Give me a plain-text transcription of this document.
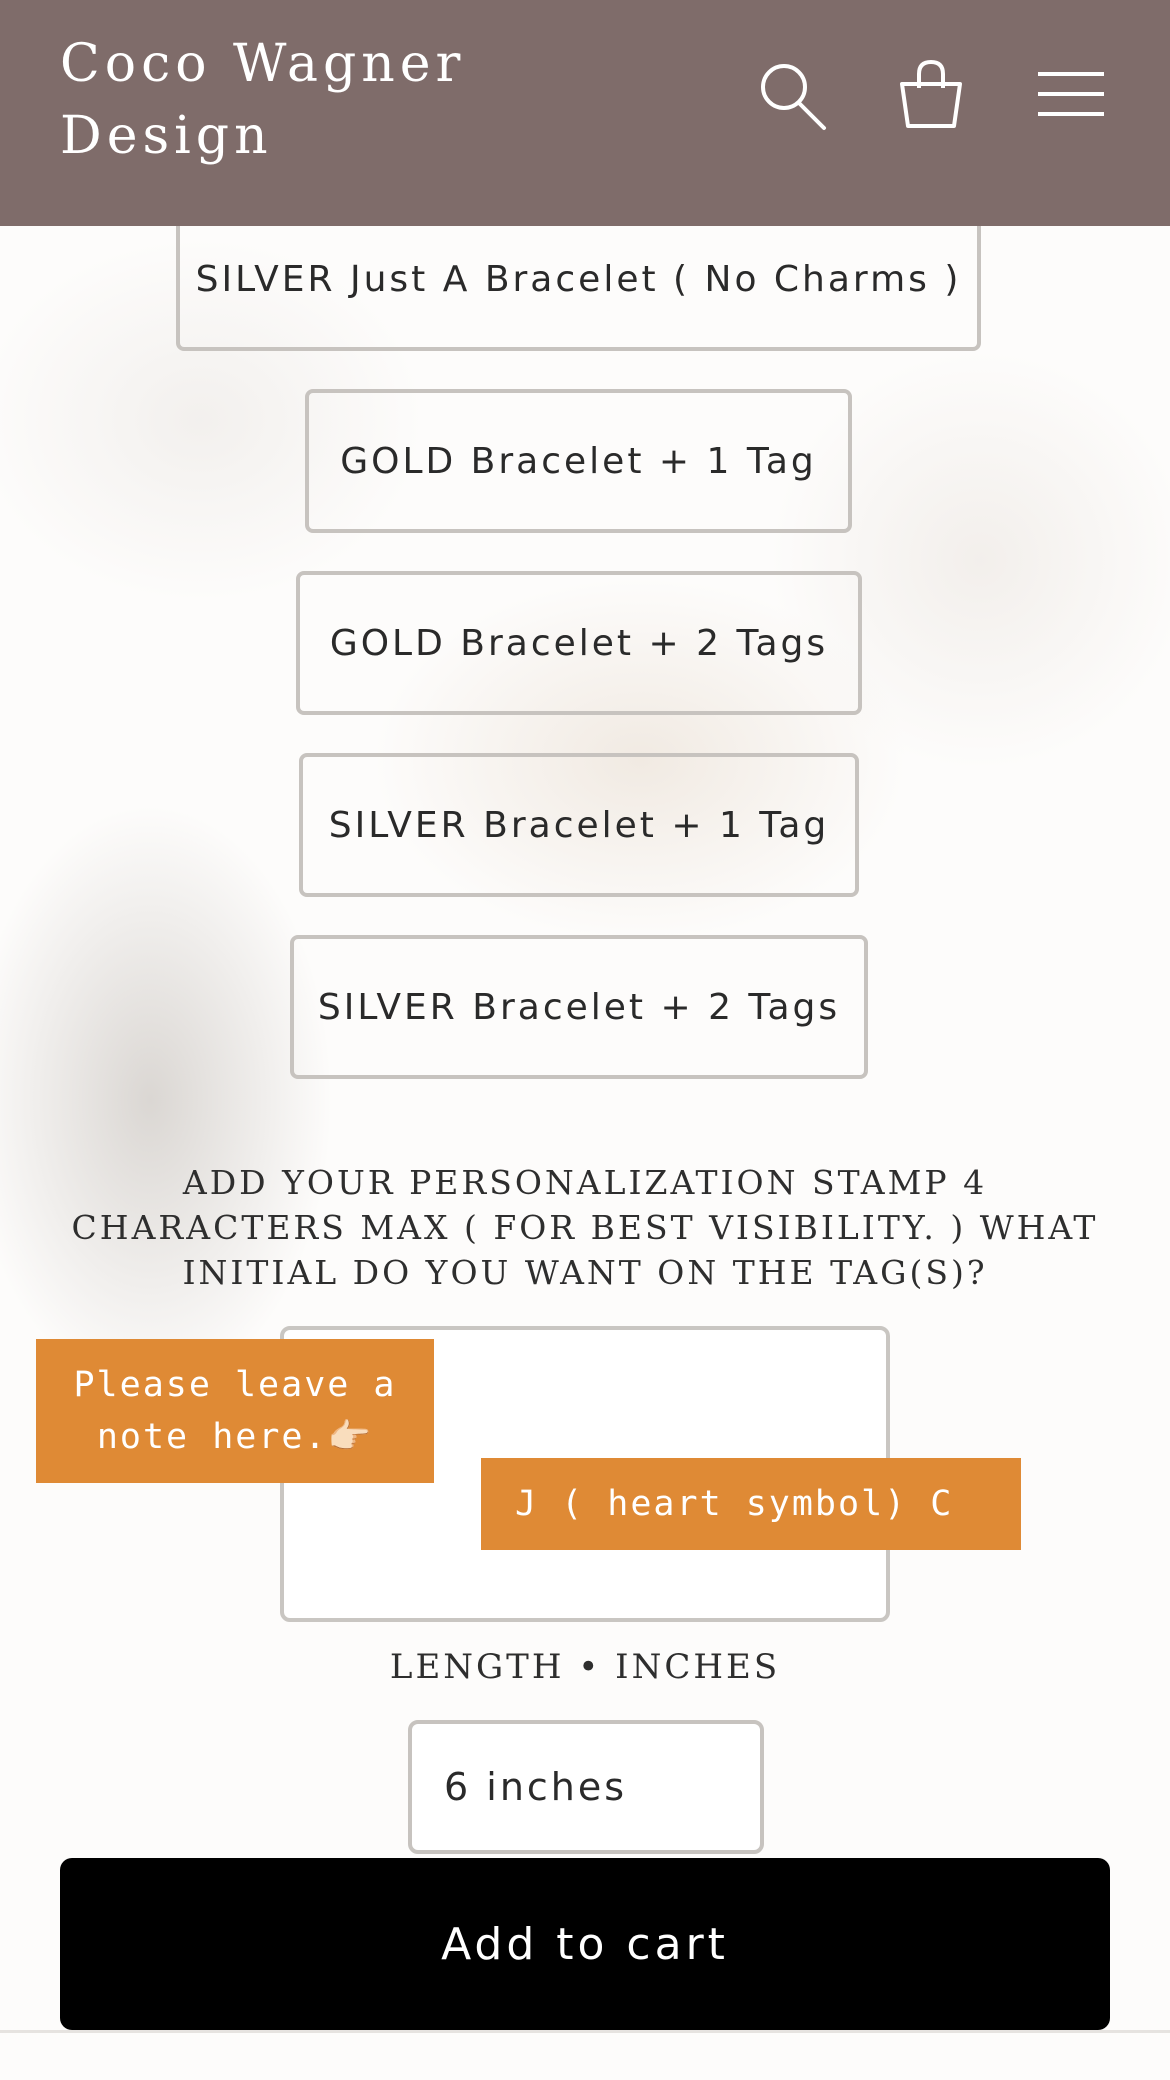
Coco Wagner Design
SILVER Just A Bracelet ( No Charms )
GOLD Bracelet + 1 Tag
GOLD Bracelet + 2 Tags
SILVER Bracelet + 1 Tag
SILVER Bracelet + 2 Tags
ADD YOUR PERSONALIZATION STAMP 4 CHARACTERS MAX ( FOR BEST VISIBILITY. ) WHAT INITIAL DO YOU WANT ON THE TAG(S)?
Please leave a note here.👉🏻
J ( heart symbol) C
LENGTH • INCHES
6 inches
Add to cart
